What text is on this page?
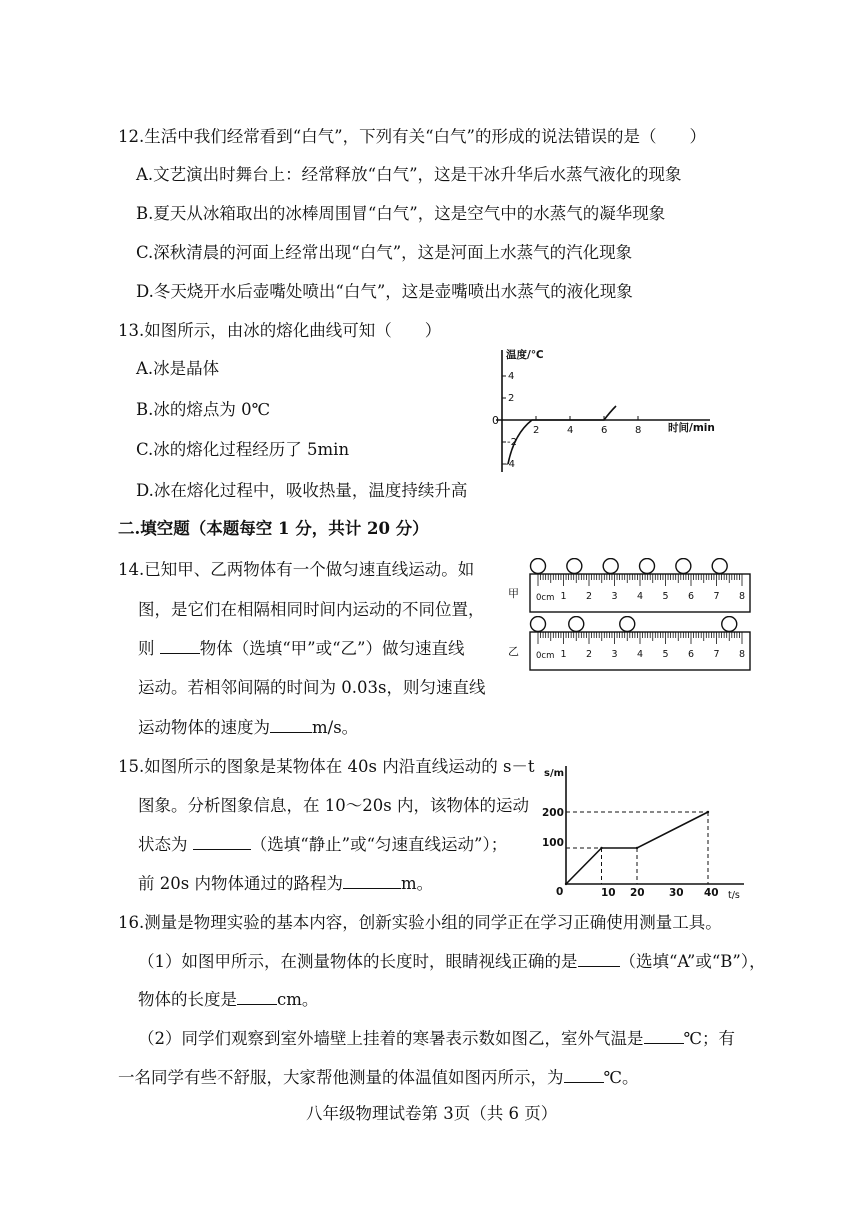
12.生活中我们经常看到“白气”，下列有关“白气”的形成的说法错误的是（　　）
A.文艺演出时舞台上：经常释放“白气”，这是干冰升华后水蒸气液化的现象
B.夏天从冰箱取出的冰棒周围冒“白气”，这是空气中的水蒸气的凝华现象
C.深秋清晨的河面上经常出现“白气”，这是河面上水蒸气的汽化现象
D.冬天烧开水后壶嘴处喷出“白气”，这是壶嘴喷出水蒸气的液化现象
13.如图所示，由冰的熔化曲线可知（　　）
A.冰是晶体
B.冰的熔点为 0℃
C.冰的熔化过程经历了 5min
D.冰在熔化过程中，吸收热量，温度持续升高
温度/℃
时间/min
0
4
2
-2
-4
2	4	6	8
二.填空题（本题每空 1 分，共计 20 分）
14.已知甲、乙两物体有一个做匀速直线运动。如
图，是它们在相隔相同时间内运动的不同位置，
则 物体（选填“甲”或“乙”）做匀速直线
运动。若相邻间隔的时间为 0.03s，则匀速直线
运动物体的速度为	m/s。
甲
乙
0cm 1 2 3 4 5 6 7 8
0cm 1 2 3 4 5 6 7 8
15.如图所示的图象是某物体在 40s 内沿直线运动的 s－t
图象。分析图象信息，在 10～20s 内，该物体的运动
状态为	（选填“静止”或“匀速直线运动”）；
前 20s 内物体通过的路程为	m。
s/m
t/s
0
200
100
10 20 30 40
16.测量是物理实验的基本内容，创新实验小组的同学正在学习正确使用测量工具。
（1）如图甲所示，在测量物体的长度时，眼睛视线正确的是	（选填“A”或“B”），
物体的长度是 cm。
（2）同学们观察到室外墙壁上挂着的寒暑表示数如图乙，室外气温是 ℃；有
一名同学有些不舒服，大家帮他测量的体温值如图丙所示，为 ℃。
八年级物理试卷第 3页（共 6 页）
